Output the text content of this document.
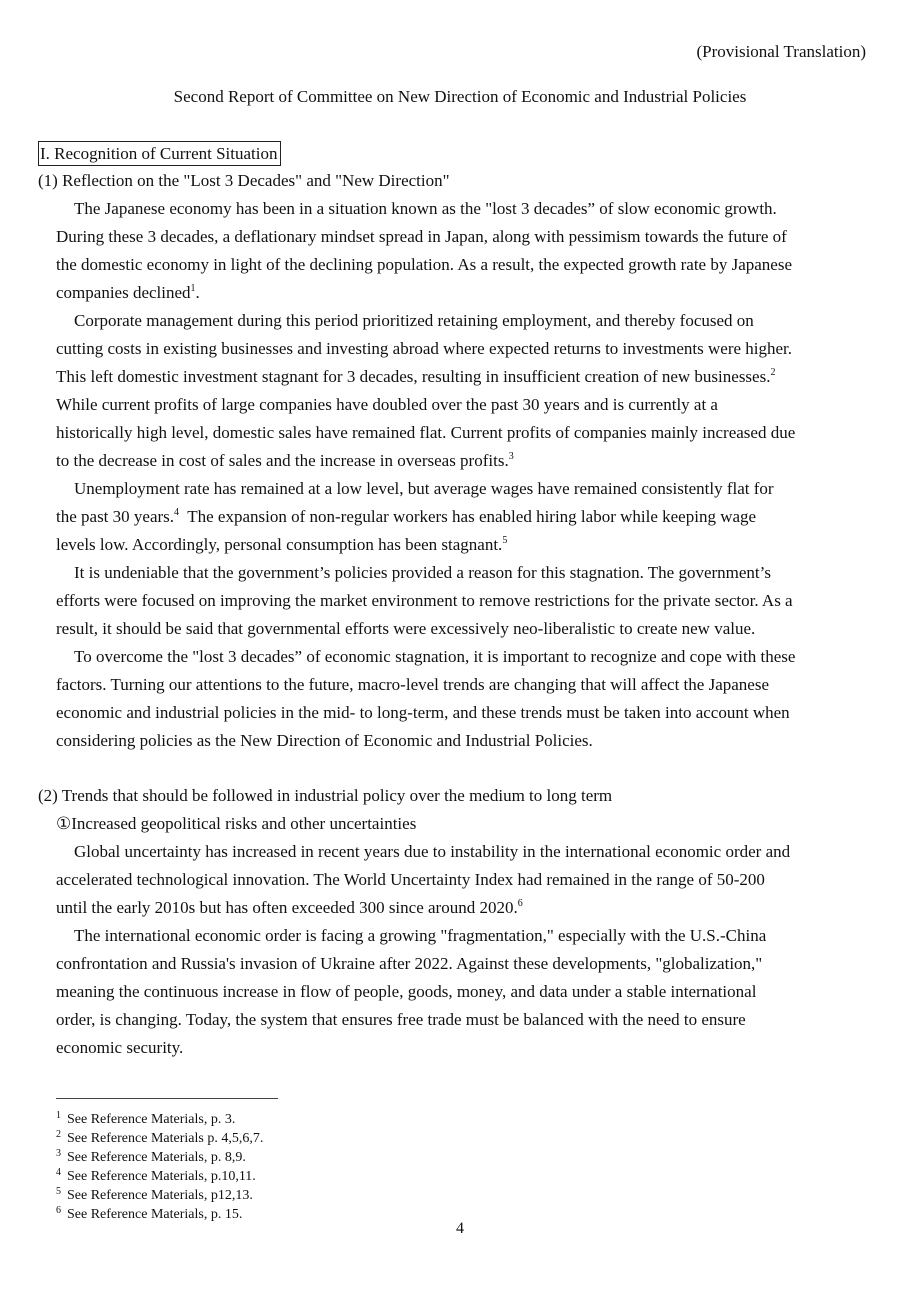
(Provisional Translation)
Second Report of Committee on New Direction of Economic and Industrial Policies
I. Recognition of Current Situation
(1) Reflection on the "Lost 3 Decades" and "New Direction"
The Japanese economy has been in a situation known as the "lost 3 decades” of slow economic growth.
During these 3 decades, a deflationary mindset spread in Japan, along with pessimism towards the future of
the domestic economy in light of the declining population. As a result, the expected growth rate by Japanese
companies declined$^1$.
Corporate management during this period prioritized retaining employment, and thereby focused on
cutting costs in existing businesses and investing abroad where expected returns to investments were higher.
This left domestic investment stagnant for 3 decades, resulting in insufficient creation of new businesses.$^2$
While current profits of large companies have doubled over the past 30 years and is currently at a
historically high level, domestic sales have remained flat. Current profits of companies mainly increased due
to the decrease in cost of sales and the increase in overseas profits.$^3$
Unemployment rate has remained at a low level, but average wages have remained consistently flat for
the past 30 years.$^4$  The expansion of non-regular workers has enabled hiring labor while keeping wage
levels low. Accordingly, personal consumption has been stagnant.$^5$
It is undeniable that the government’s policies provided a reason for this stagnation. The government’s
efforts were focused on improving the market environment to remove restrictions for the private sector. As a
result, it should be said that governmental efforts were excessively neo-liberalistic to create new value.
To overcome the "lost 3 decades” of economic stagnation, it is important to recognize and cope with these
factors. Turning our attentions to the future, macro-level trends are changing that will affect the Japanese
economic and industrial policies in the mid- to long-term, and these trends must be taken into account when
considering policies as the New Direction of Economic and Industrial Policies.
(2) Trends that should be followed in industrial policy over the medium to long term
①Increased geopolitical risks and other uncertainties
Global uncertainty has increased in recent years due to instability in the international economic order and
accelerated technological innovation. The World Uncertainty Index had remained in the range of 50-200
until the early 2010s but has often exceeded 300 since around 2020.$^6$
The international economic order is facing a growing "fragmentation," especially with the U.S.-China
confrontation and Russia's invasion of Ukraine after 2022. Against these developments, "globalization,"
meaning the continuous increase in flow of people, goods, money, and data under a stable international
order, is changing. Today, the system that ensures free trade must be balanced with the need to ensure
economic security.
$^1$ See Reference Materials, p. 3.
$^2$ See Reference Materials p. 4,5,6,7.
$^3$ See Reference Materials, p. 8,9.
$^4$ See Reference Materials, p.10,11.
$^5$ See Reference Materials, p12,13.
$^6$ See Reference Materials, p. 15.
4
